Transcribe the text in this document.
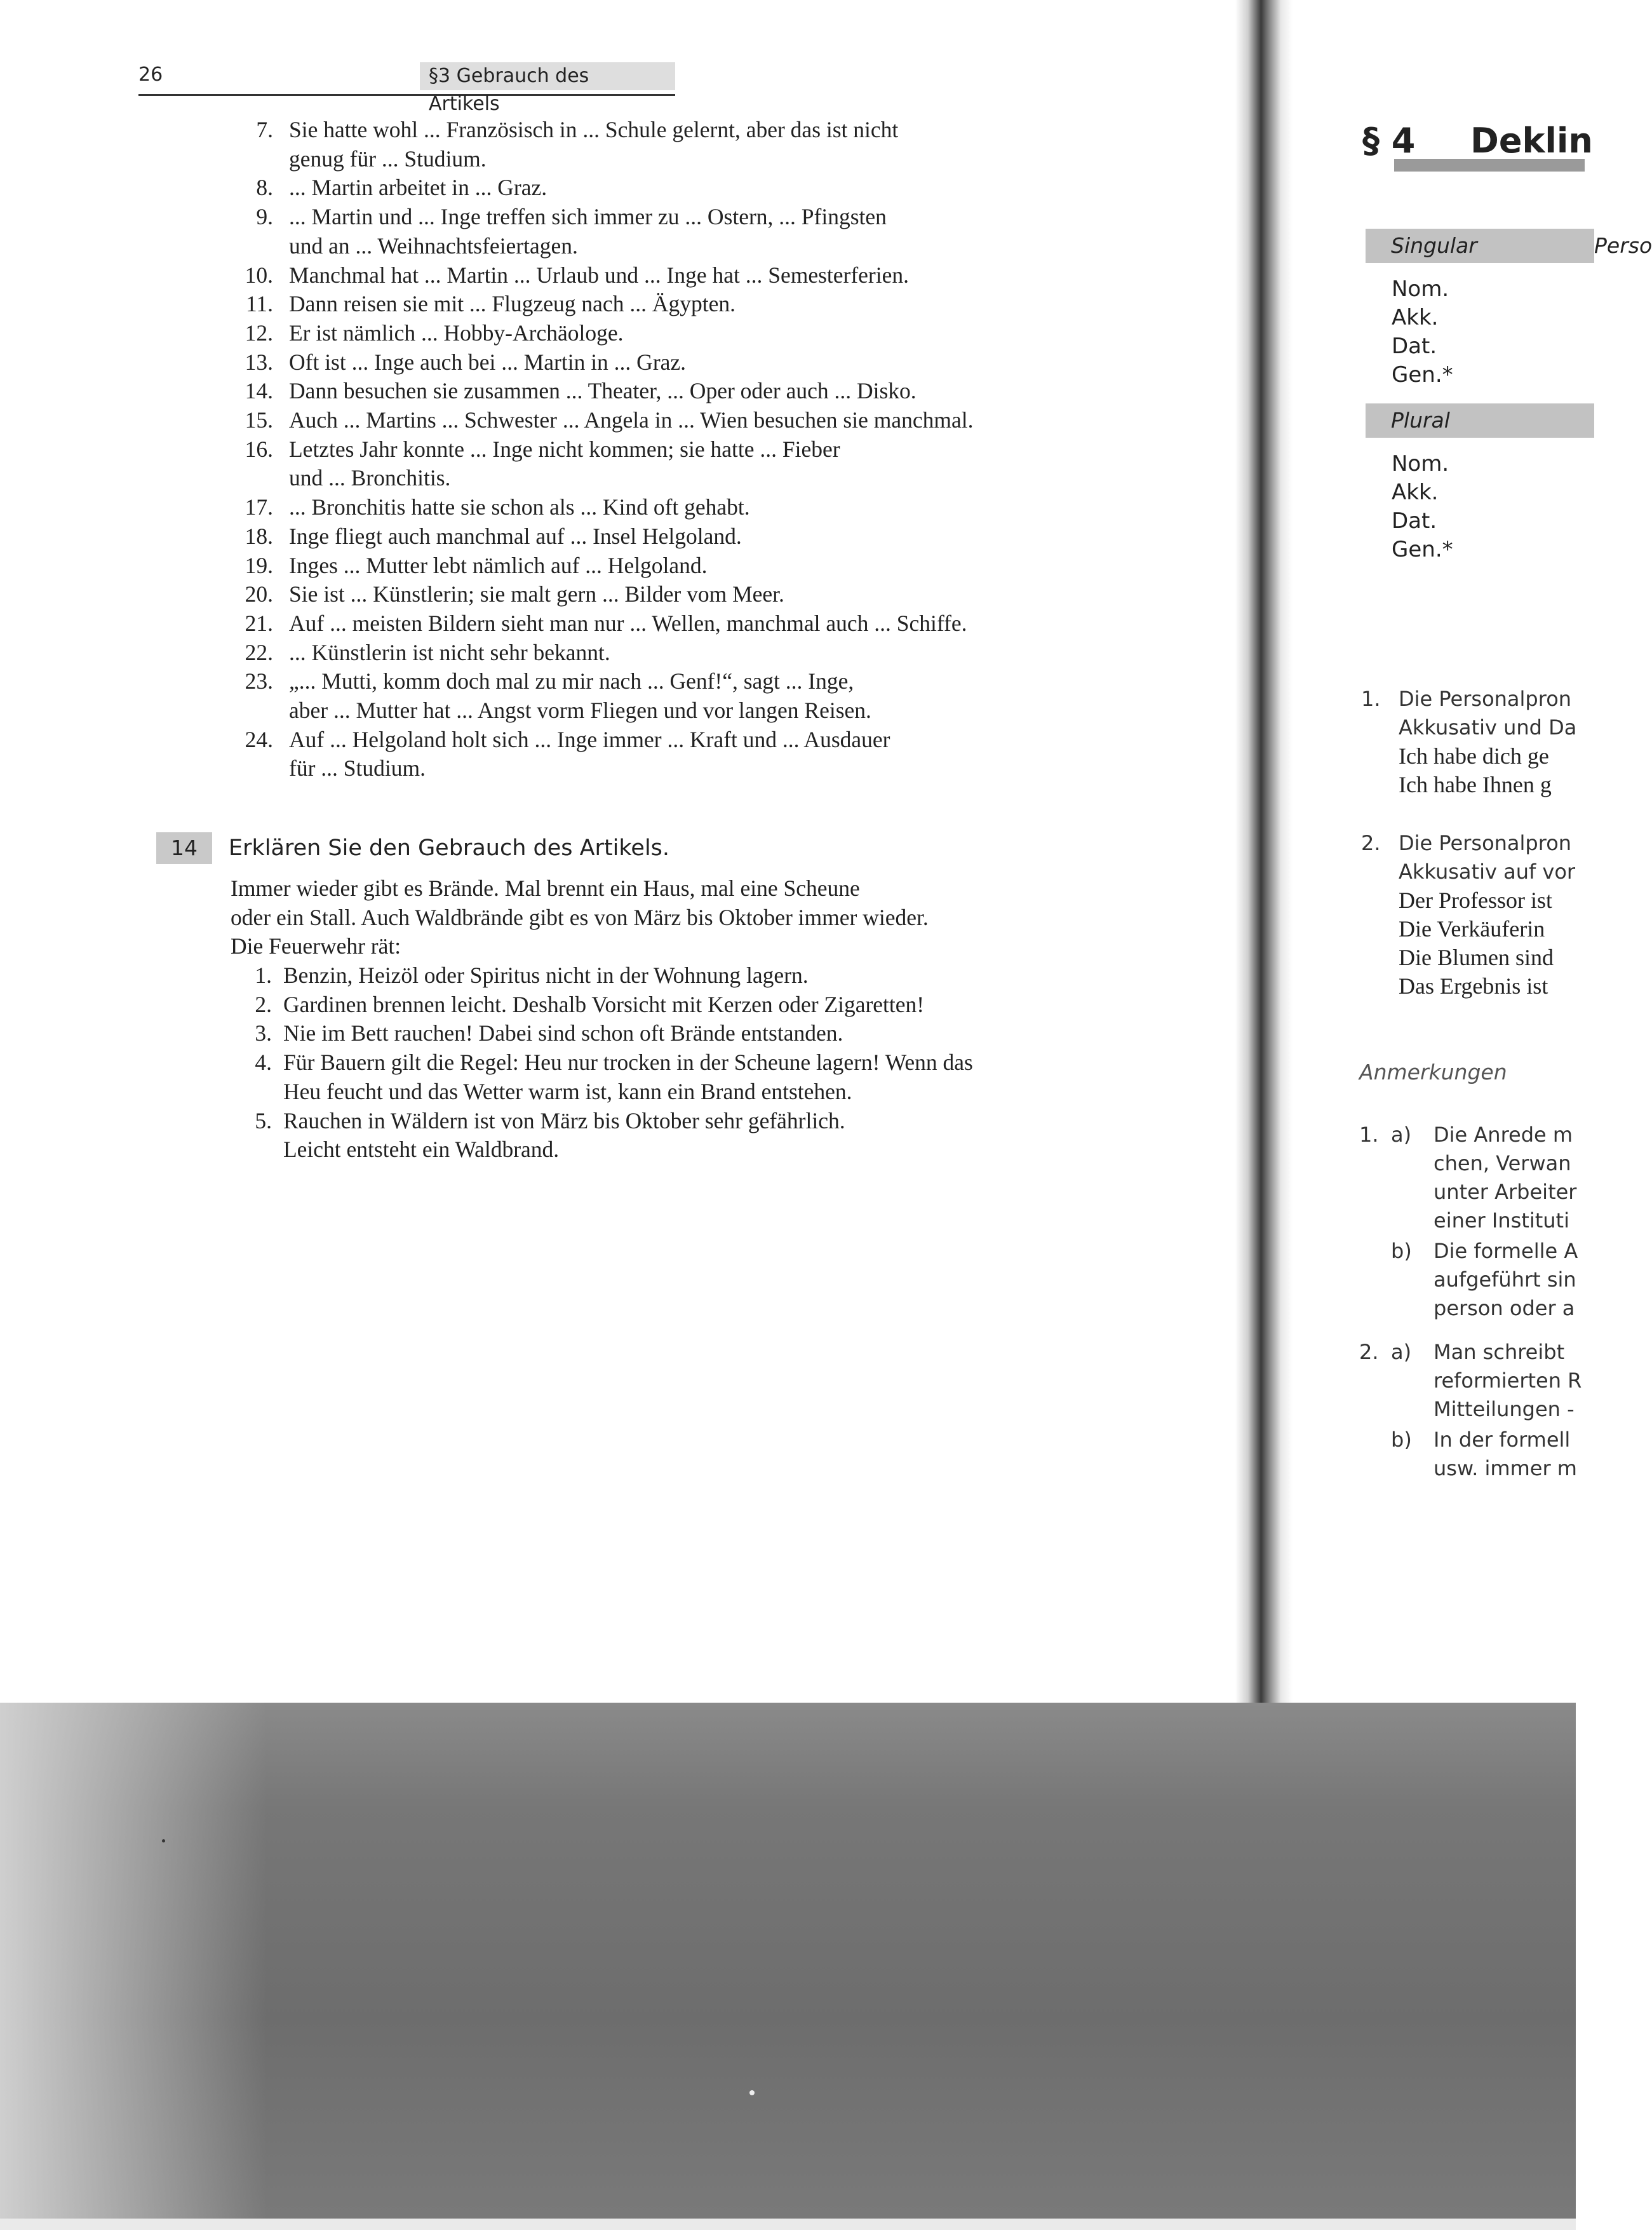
26	§3 Gebrauch des Artikels
7. Sie hatte wohl ... Französisch in ... Schule gelernt, aber das ist nicht
genug für ... Studium.
8. ... Martin arbeitet in ... Graz.
9. ... Martin und ... Inge treffen sich immer zu ... Ostern, ... Pfingsten
und an ... Weihnachtsfeiertagen.
10. Manchmal hat ... Martin ... Urlaub und ... Inge hat ... Semesterferien.
11. Dann reisen sie mit ... Flugzeug nach ... Ägypten.
12. Er ist nämlich ... Hobby-Archäologe.
13. Oft ist ... Inge auch bei ... Martin in ... Graz.
14. Dann besuchen sie zusammen ... Theater, ... Oper oder auch ... Disko.
15. Auch ... Martins ... Schwester ... Angela in ... Wien besuchen sie manchmal.
16. Letztes Jahr konnte ... Inge nicht kommen; sie hatte ... Fieber
und ... Bronchitis.
17. ... Bronchitis hatte sie schon als ... Kind oft gehabt.
18. Inge fliegt auch manchmal auf ... Insel Helgoland.
19. Inges ... Mutter lebt nämlich auf ... Helgoland.
20. Sie ist ... Künstlerin; sie malt gern ... Bilder vom Meer.
21. Auf ... meisten Bildern sieht man nur ... Wellen, manchmal auch ... Schiffe.
22. ... Künstlerin ist nicht sehr bekannt.
23. „... Mutti, komm doch mal zu mir nach ... Genf!“, sagt ... Inge,
aber ... Mutter hat ... Angst vorm Fliegen und vor langen Reisen.
24. Auf ... Helgoland holt sich ... Inge immer ... Kraft und ... Ausdauer
für ... Studium.
14	Erklären Sie den Gebrauch des Artikels.
Immer wieder gibt es Brände. Mal brennt ein Haus, mal eine Scheune
oder ein Stall. Auch Waldbrände gibt es von März bis Oktober immer wieder.
Die Feuerwehr rät:
1. Benzin, Heizöl oder Spiritus nicht in der Wohnung lagern.
2. Gardinen brennen leicht. Deshalb Vorsicht mit Kerzen oder Zigaretten!
3. Nie im Bett rauchen! Dabei sind schon oft Brände entstanden.
4. Für Bauern gilt die Regel: Heu nur trocken in der Scheune lagern! Wenn das
Heu feucht und das Wetter warm ist, kann ein Brand entstehen.
5. Rauchen in Wäldern ist von März bis Oktober sehr gefährlich.
Leicht entsteht ein Waldbrand.
§ 4 Deklin
Singular	Perso
Nom.
Akk.
Dat.
Gen.*
Plural
Nom.
Akk.
Dat.
Gen.*
1. Die Personalpron
Akkusativ und Da
Ich habe dich ge
Ich habe Ihnen g
2. Die Personalpron
Akkusativ auf vor
Der Professor ist
Die Verkäuferin
Die Blumen sind
Das Ergebnis ist
Anmerkungen
1. a) Die Anrede m
chen, Verwan
unter Arbeiter
einer Instituti
b) Die formelle A
aufgeführt sin
person oder a
2. a) Man schreibt
reformierten R
Mitteilungen -
b) In der formell
usw. immer m
